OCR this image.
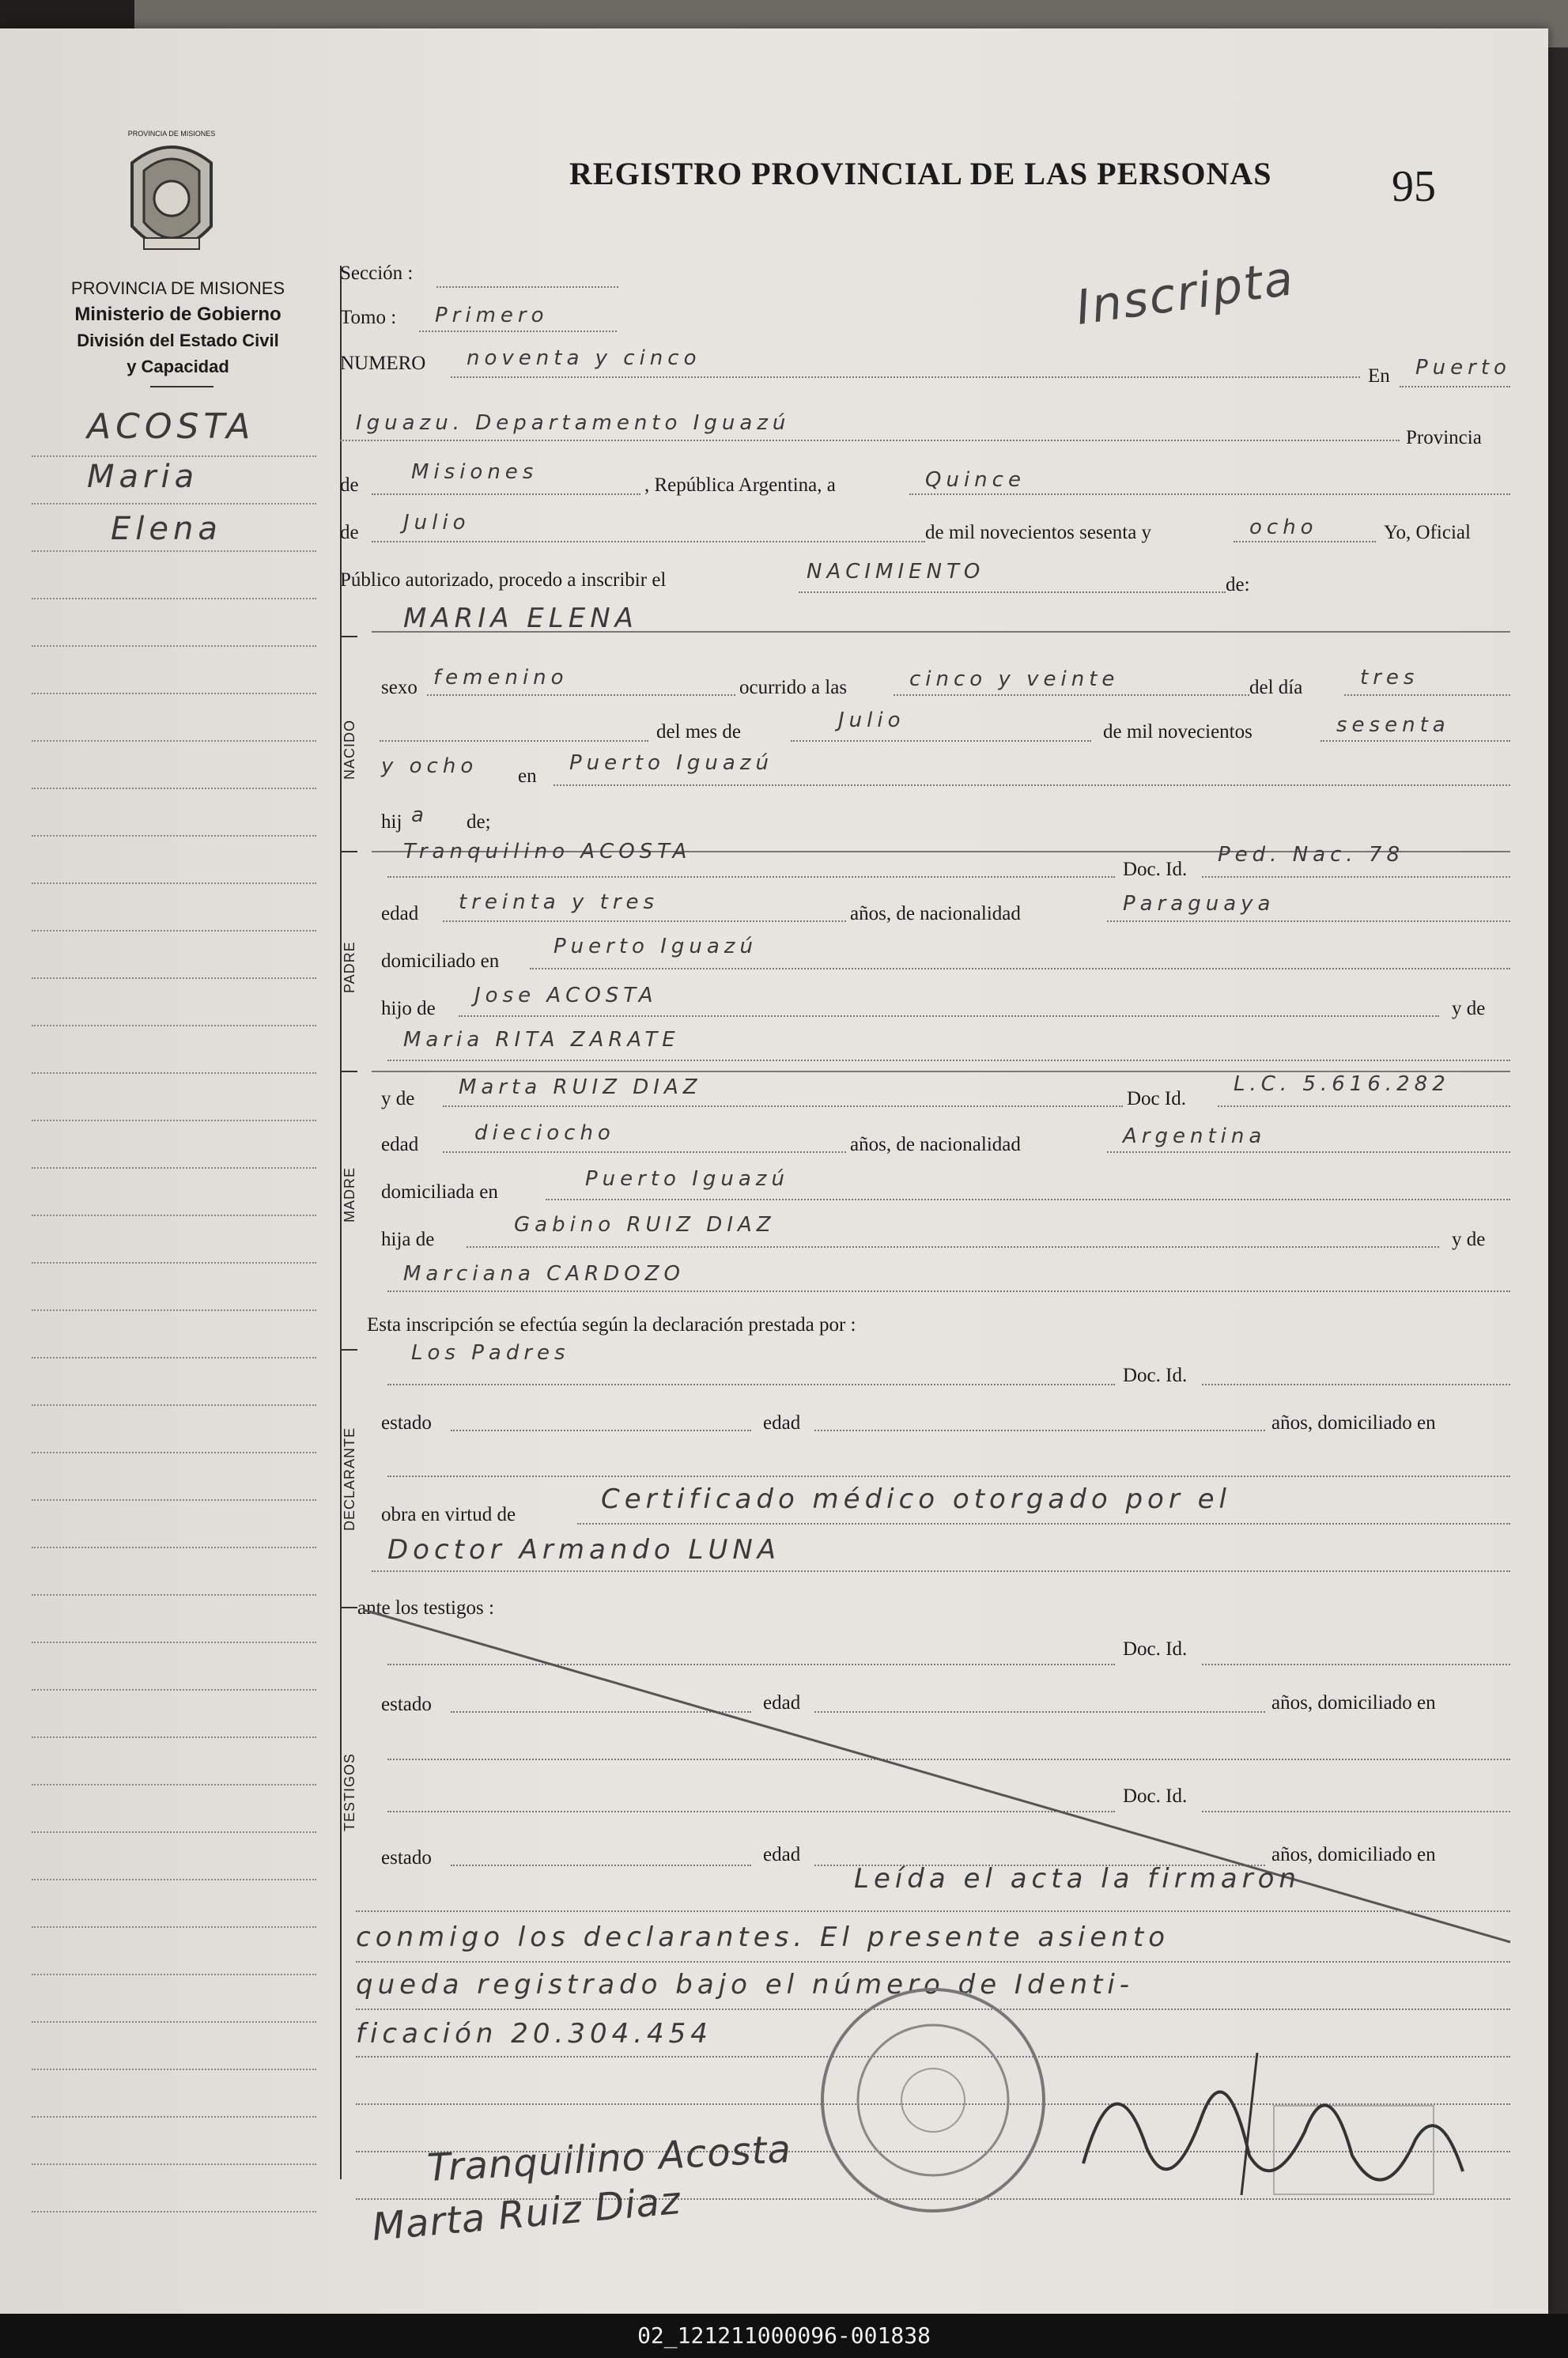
PROVINCIA DE MISIONES
PROVINCIA DE MISIONES
Ministerio de Gobierno
División del Estado Civil
y Capacidad
ACOSTA
Maria
Elena
REGISTRO PROVINCIAL DE LAS PERSONAS	95
Inscripta
Sección :
Tomo : Primero
NUMERO noventa y cinco
En Puerto
Iguazu. Departamento Iguazú
Provincia
de
Misiones
, República Argentina, a	Quince
de Julio	de mil novecientos sesenta y	ocho	Yo, Oficial
Público autorizado, procedo a inscribir el	NACIMIENTO
de:
NACIDO
MARIA ELENA
sexo femenino	ocurrido a las	cinco y veinte	del día	tres
del mes de	Julio	de mil novecientos	sesenta
y ocho en
Puerto Iguazú
hij a de;
PADRE
Tranquilino ACOSTA
Doc. Id.
Ped. Nac. 78
edad treinta y tres	años, de nacionalidad	Paraguaya
domiciliado en
Puerto Iguazú
hijo de
Jose ACOSTA
y de
Maria RITA ZARATE
MADRE
y de Marta RUIZ DIAZ	Doc Id.
L.C. 5.616.282
edad	dieciocho	años, de nacionalidad	Argentina
domiciliada en
Puerto Iguazú
hija de
Gabino RUIZ DIAZ
y de
Marciana CARDOZO
Esta inscripción se efectúa según la declaración prestada por :
DECLARANTE
Los Padres
Doc. Id.
estado	edad	años, domiciliado en
obra en virtud de	Certificado médico otorgado por el
Doctor Armando LUNA
ante los testigos :
TESTIGOS
Doc. Id.
estado	edad	años, domiciliado en
Doc. Id.
estado	edad	años, domiciliado en
Leída el acta la firmaron
conmigo los declarantes. El presente asiento
queda registrado bajo el número de Identi-
ficación 20.304.454
Tranquilino Acosta
Marta Ruiz Diaz
02_121211000096-001838
